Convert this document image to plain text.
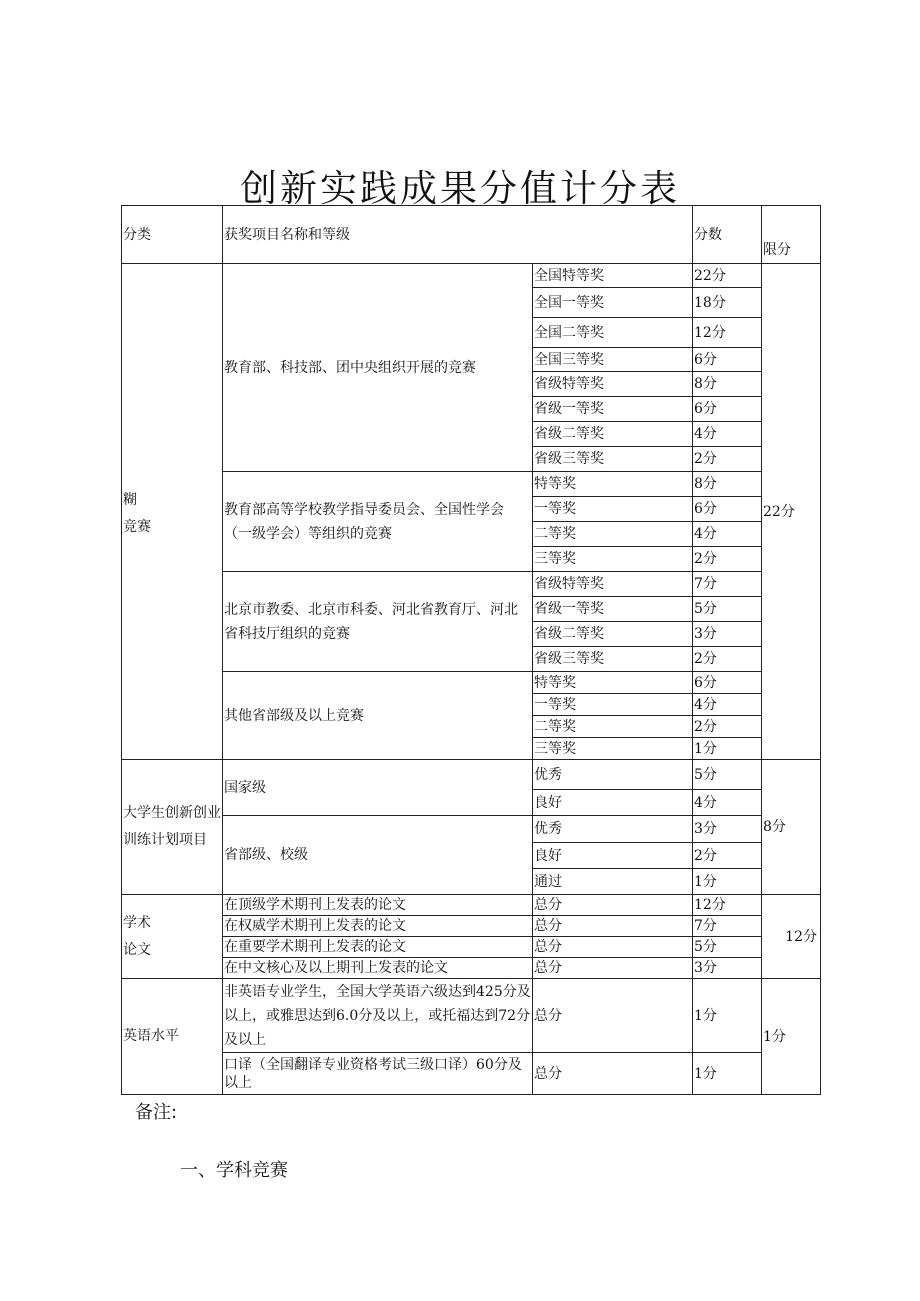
创新实践成果分值计分表
分类	获奖项目名称和等级		分数	限分
糊
竞赛	教育部、科技部、团中央组织开展的竞赛	全国特等奖	22分	22分
		全国一等奖	18分	
		全国二等奖	12分	
		全国三等奖	6分	
		省级特等奖	8分	
		省级一等奖	6分	
		省级二等奖	4分	
		省级三等奖	2分	
	教育部高等学校教学指导委员会、全国性学会（一级学会）等组织的竞赛	特等奖	8分	
		一等奖	6分	
		二等奖	4分	
		三等奖	2分	
	北京市教委、北京市科委、河北省教育厅、河北省科技厅组织的竞赛	省级特等奖	7分	
		省级一等奖	5分	
		省级二等奖	3分	
		省级三等奖	2分	
	其他省部级及以上竞赛	特等奖	6分	
		一等奖	4分	
		二等奖	2分	
		三等奖	1分	
大学生创新创业训练计划项目	国家级	优秀	5分	8分
		良好	4分	
	省部级、校级	优秀	3分	
		良好	2分	
		通过	1分	
学术
论文	在顶级学术期刊上发表的论文	总分	12分	12分
	在权威学术期刊上发表的论文	总分	7分	
	在重要学术期刊上发表的论文	总分	5分	
	在中文核心及以上期刊上发表的论文	总分	3分	
英语水平	非英语专业学生，全国大学英语六级达到425分及以上，或雅思达到6.0分及以上，或托福达到72分及以上	总分	1分	1分
	口译（全国翻译专业资格考试三级口译）60分及以上	总分	1分	
备注:
一、学科竞赛
